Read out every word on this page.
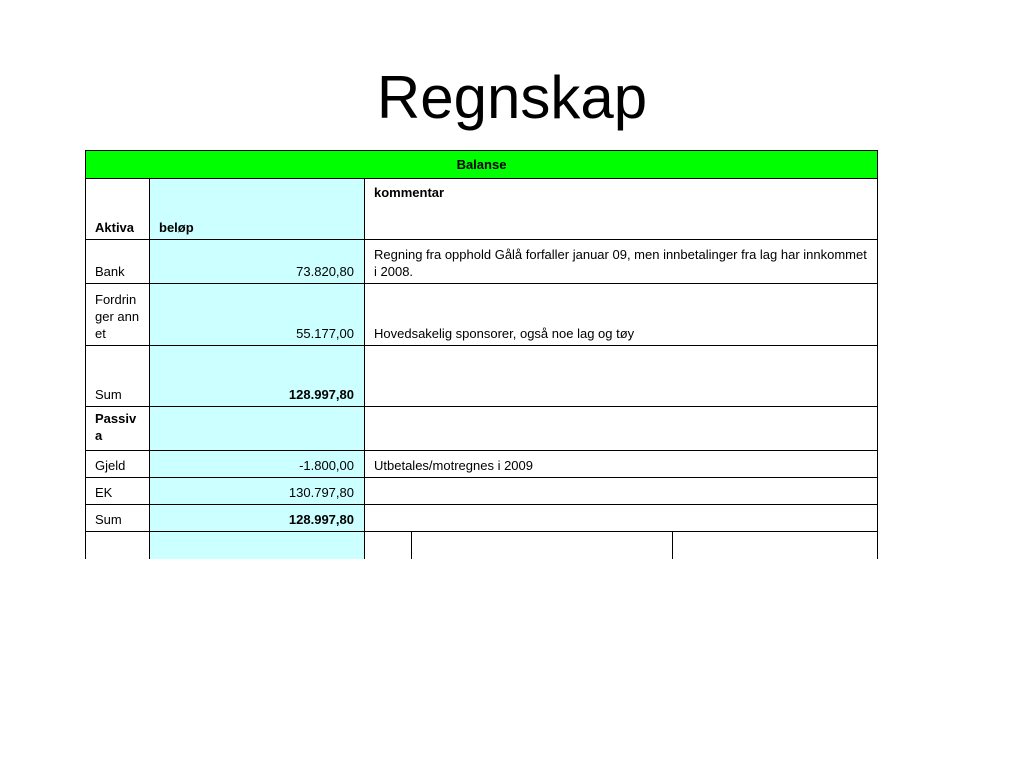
Regnskap
Balanse				
Aktiva	beløp	kommentar		
Bank	73.820,80	Regning fra opphold Gålå forfaller januar 09, men innbetalinger fra lag har innkommet i 2008.		
Fordringer annet	55.177,00	Hovedsakelig sponsorer, også noe lag og tøy		
Sum	128.997,80			
Passiva				
Gjeld	-1.800,00	Utbetales/motregnes i 2009		
EK	130.797,80			
Sum	128.997,80			
